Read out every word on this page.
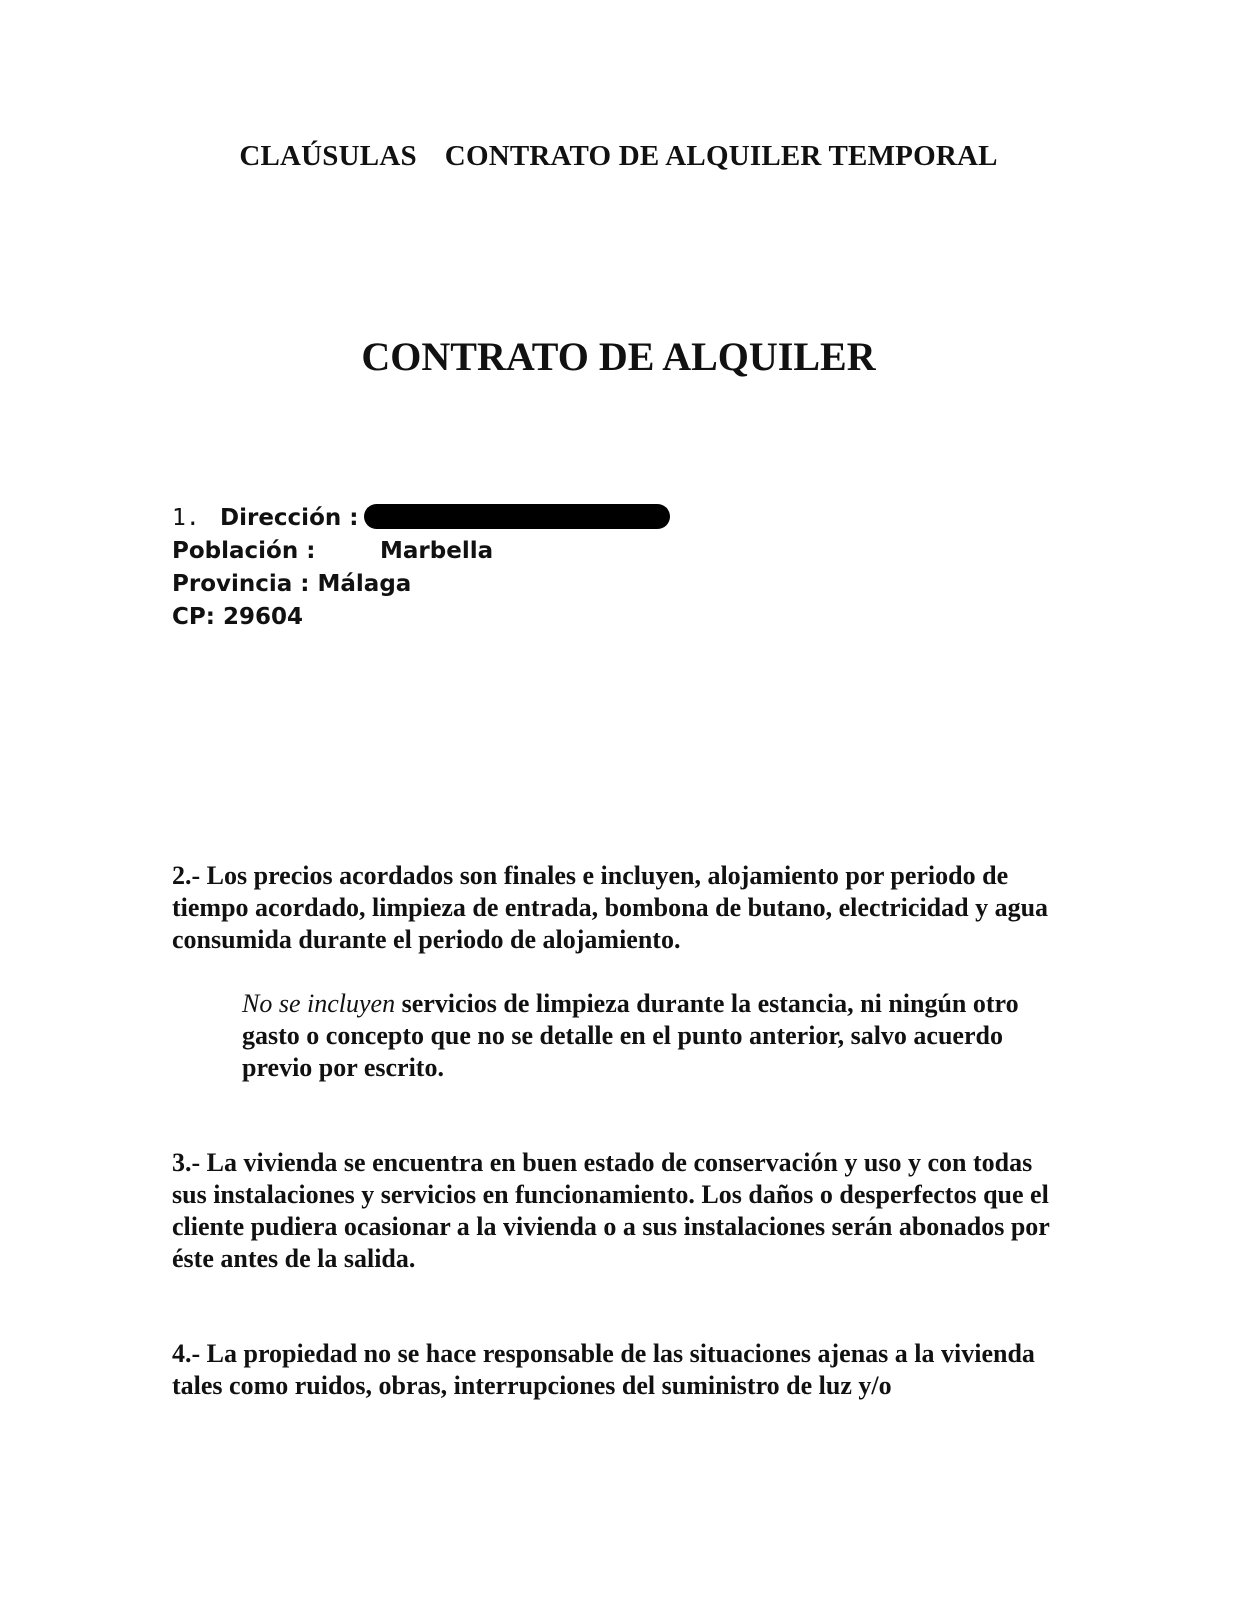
CLAÚSULAS CONTRATO DE ALQUILER TEMPORAL
CONTRATO DE ALQUILER
1. Dirección :
Población :	Marbella
Provincia : Málaga
CP: 29604

2.- Los precios acordados son finales e incluyen, alojamiento por periodo de tiempo acordado, limpieza de entrada, bombona de butano, electricidad y agua consumida durante el periodo de alojamiento.

No se incluyen servicios de limpieza durante la estancia, ni ningún otro gasto o concepto que no se detalle en el punto anterior, salvo acuerdo previo por escrito.

3.- La vivienda se encuentra en buen estado de conservación y uso y con todas sus instalaciones y servicios en funcionamiento. Los daños o desperfectos que el cliente pudiera ocasionar a la vivienda o a sus instalaciones serán abonados por éste antes de la salida.

4.- La propiedad no se hace responsable de las situaciones ajenas a la vivienda tales como ruidos, obras, interrupciones del suministro de luz y/o
